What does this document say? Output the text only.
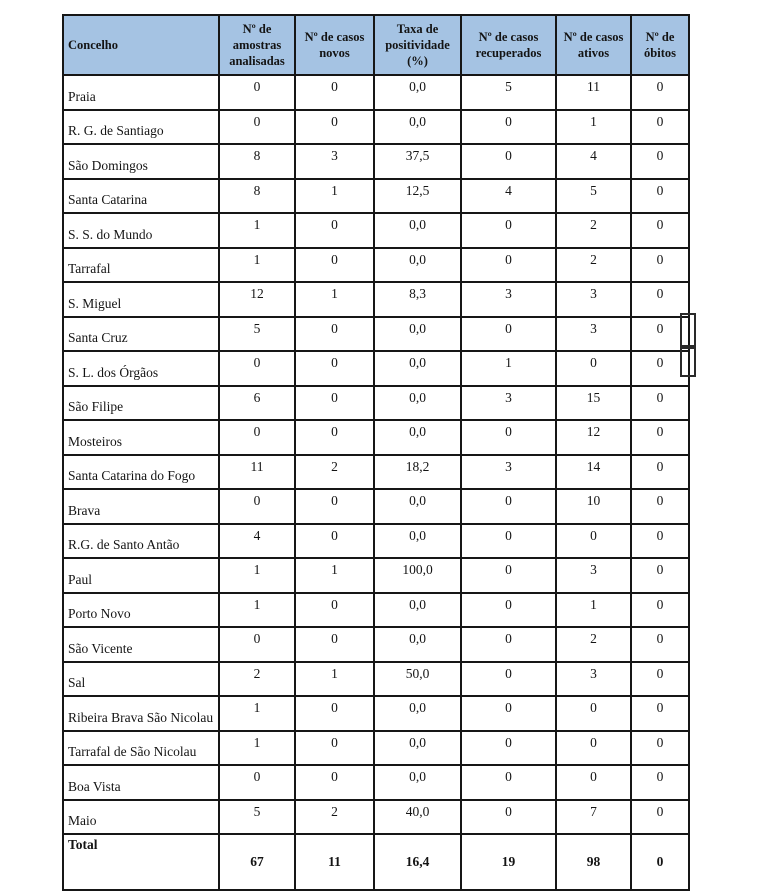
Concelho	Nº de amostras analisadas	Nº de casos novos	Taxa de positividade (%)	Nº de casos recuperados	Nº de casos ativos	Nº de óbitos
Praia	0	0	0,0	5	11	0
R. G. de Santiago	0	0	0,0	0	1	0
São Domingos	8	3	37,5	0	4	0
Santa Catarina	8	1	12,5	4	5	0
S. S. do Mundo	1	0	0,0	0	2	0
Tarrafal	1	0	0,0	0	2	0
S. Miguel	12	1	8,3	3	3	0
Santa Cruz	5	0	0,0	0	3	0
S. L. dos Órgãos	0	0	0,0	1	0	0
São Filipe	6	0	0,0	3	15	0
Mosteiros	0	0	0,0	0	12	0
Santa Catarina do Fogo	11	2	18,2	3	14	0
Brava	0	0	0,0	0	10	0
R.G. de Santo Antão	4	0	0,0	0	0	0
Paul	1	1	100,0	0	3	0
Porto Novo	1	0	0,0	0	1	0
São Vicente	0	0	0,0	0	2	0
Sal	2	1	50,0	0	3	0
Ribeira Brava São Nicolau	1	0	0,0	0	0	0
Tarrafal de São Nicolau	1	0	0,0	0	0	0
Boa Vista	0	0	0,0	0	0	0
Maio	5	2	40,0	0	7	0
Total	67	11	16,4	19	98	0
